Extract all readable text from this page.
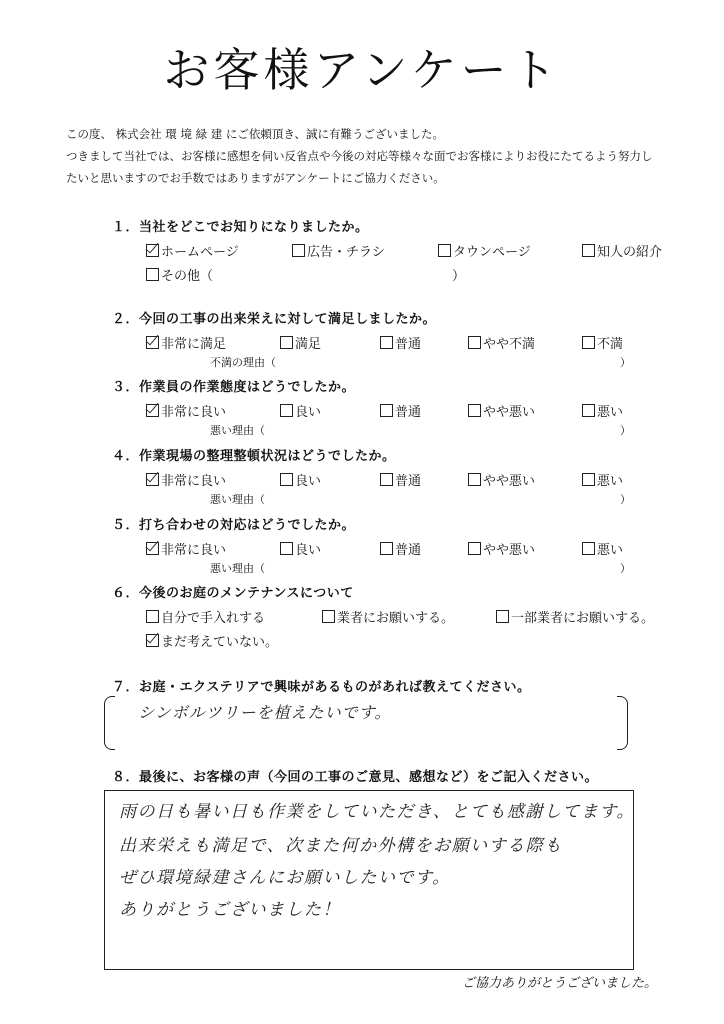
お客様アンケート
この度、 株式会社 環 境 緑 建 にご依頼頂き、誠に有難うございました。
つきまして当社では、お客様に感想を伺い反省点や今後の対応等様々な面でお客様によりお役にたてるよう努力し
たいと思いますのでお手数ではありますがアンケートにご協力ください。
１．当社をどこでお知りになりましたか。
ホームページ	広告・チラシ	タウンページ	知人の紹介
その他（	）
２．今回の工事の出来栄えに対して満足しましたか。
非常に満足	満足	普通	やや不満	不満
不満の理由（	）
３．作業員の作業態度はどうでしたか。
非常に良い	良い	普通	やや悪い	悪い
悪い理由（	）
４．作業現場の整理整頓状況はどうでしたか。
非常に良い	良い	普通	やや悪い	悪い
悪い理由（	）
５．打ち合わせの対応はどうでしたか。
非常に良い	良い	普通	やや悪い	悪い
悪い理由（	）
６．今後のお庭のメンテナンスについて
自分で手入れする	業者にお願いする。	一部業者にお願いする。
まだ考えていない。
７．お庭・エクステリアで興味があるものがあれば教えてください。
シンボルツリーを植えたいです。
８．最後に、お客様の声（今回の工事のご意見、感想など）をご記入ください。
雨の日も暑い日も作業をしていただき、とても感謝してます。
出来栄えも満足で、次また何か外構をお願いする際も
ぜひ環境緑建さんにお願いしたいです。
ありがとうございました！
ご協力ありがとうございました。
